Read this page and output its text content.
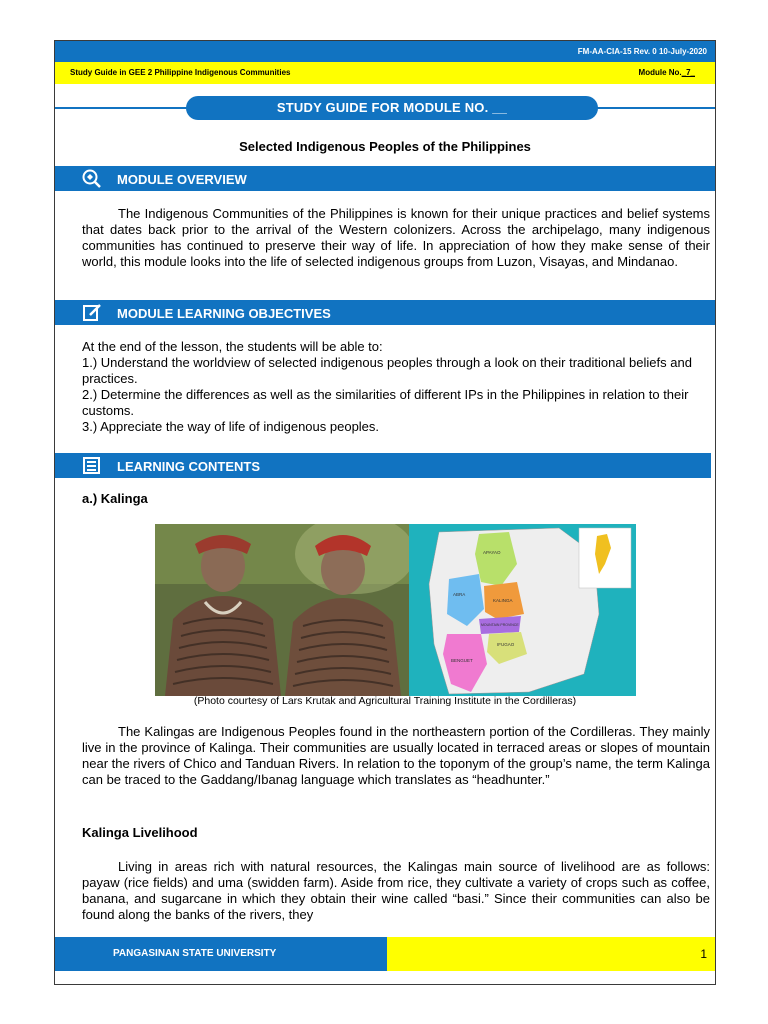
FM-AA-CIA-15 Rev. 0 10-July-2020
Study Guide in GEE 2 Philippine Indigenous Communities	Module No._7_
STUDY GUIDE FOR MODULE NO. __
Selected Indigenous Peoples of the Philippines
MODULE OVERVIEW
The Indigenous Communities of the Philippines is known for their unique practices and belief systems that dates back prior to the arrival of the Western colonizers. Across the archipelago, many indigenous communities has continued to preserve their way of life. In appreciation of how they make sense of their world, this module looks into the life of selected indigenous groups from Luzon, Visayas, and Mindanao.
MODULE LEARNING OBJECTIVES
At the end of the lesson, the students will be able to:
1.) Understand the worldview of selected indigenous peoples through a look on their traditional beliefs and practices.
2.) Determine the differences as well as the similarities of different IPs in the Philippines in relation to their customs.
3.) Appreciate the way of life of indigenous peoples.
LEARNING CONTENTS
a.) Kalinga
APAYAO
ABRA
KALINGA
MOUNTAIN PROVINCE
IFUGAO
BENGUET
(Photo courtesy of Lars Krutak and Agricultural Training Institute in the Cordilleras)
The Kalingas are Indigenous Peoples found in the northeastern portion of the Cordilleras. They mainly live in the province of Kalinga. Their communities are usually located in terraced areas or slopes of mountain near the rivers of Chico and Tanduan Rivers. In relation to the toponym of the group’s name, the term Kalinga can be traced to the Gaddang/Ibanag language which translates as “headhunter.”
Kalinga Livelihood
Living in areas rich with natural resources, the Kalingas main source of livelihood are as follows: payaw (rice fields) and uma (swidden farm). Aside from rice, they cultivate a variety of crops such as coffee, banana, and sugarcane in which they obtain their wine called “basi.” Since their communities can also be found along the banks of the rivers, they
PANGASINAN STATE UNIVERSITY	1
